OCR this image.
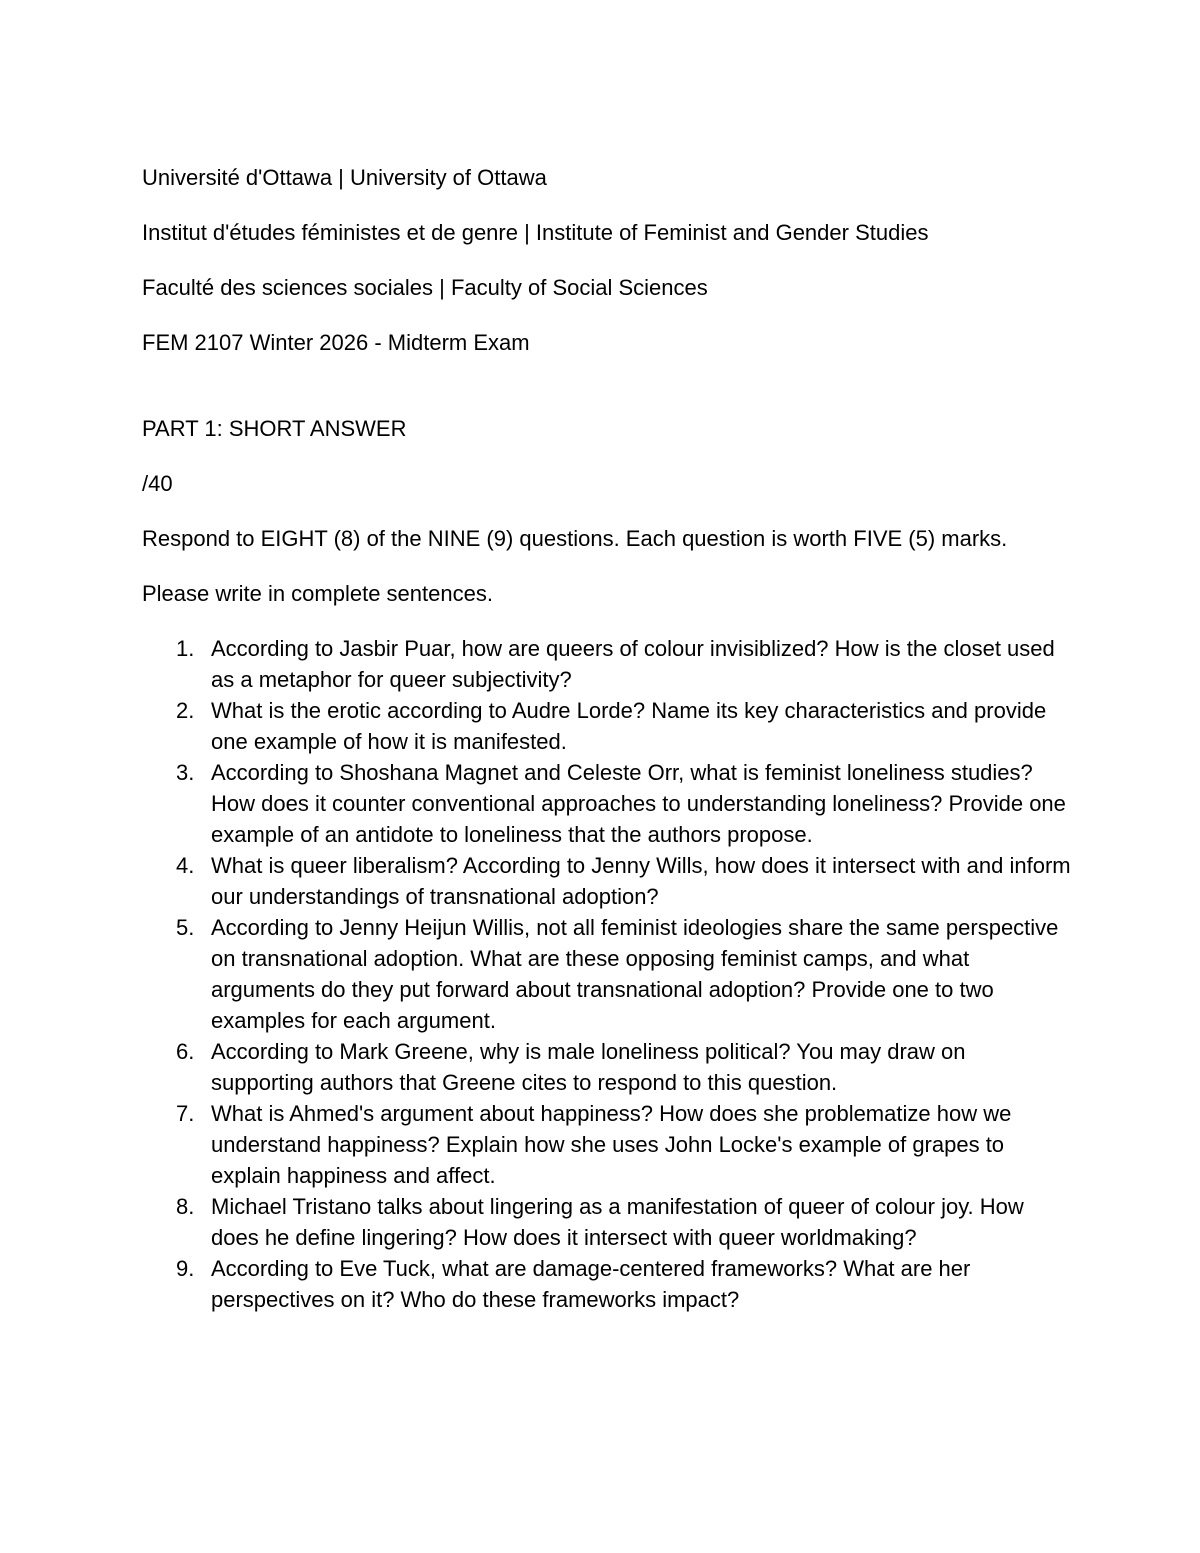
Université d'Ottawa | University of Ottawa

Institut d'études féministes et de genre | Institute of Feminist and Gender Studies

Faculté des sciences sociales | Faculty of Social Sciences

FEM 2107 Winter 2026 - Midterm Exam

PART 1: SHORT ANSWER

/40

Respond to EIGHT (8) of the NINE (9) questions. Each question is worth FIVE (5) marks.

Please write in complete sentences.

1. According to Jasbir Puar, how are queers of colour invisiblized? How is the closet used as a metaphor for queer subjectivity?
2. What is the erotic according to Audre Lorde? Name its key characteristics and provide one example of how it is manifested.
3. According to Shoshana Magnet and Celeste Orr, what is feminist loneliness studies? How does it counter conventional approaches to understanding loneliness? Provide one example of an antidote to loneliness that the authors propose.
4. What is queer liberalism? According to Jenny Wills, how does it intersect with and inform our understandings of transnational adoption?
5. According to Jenny Heijun Willis, not all feminist ideologies share the same perspective on transnational adoption. What are these opposing feminist camps, and what arguments do they put forward about transnational adoption? Provide one to two examples for each argument.
6. According to Mark Greene, why is male loneliness political? You may draw on supporting authors that Greene cites to respond to this question.
7. What is Ahmed's argument about happiness? How does she problematize how we understand happiness? Explain how she uses John Locke's example of grapes to explain happiness and affect.
8. Michael Tristano talks about lingering as a manifestation of queer of colour joy. How does he define lingering? How does it intersect with queer worldmaking?
9. According to Eve Tuck, what are damage-centered frameworks? What are her perspectives on it? Who do these frameworks impact?
